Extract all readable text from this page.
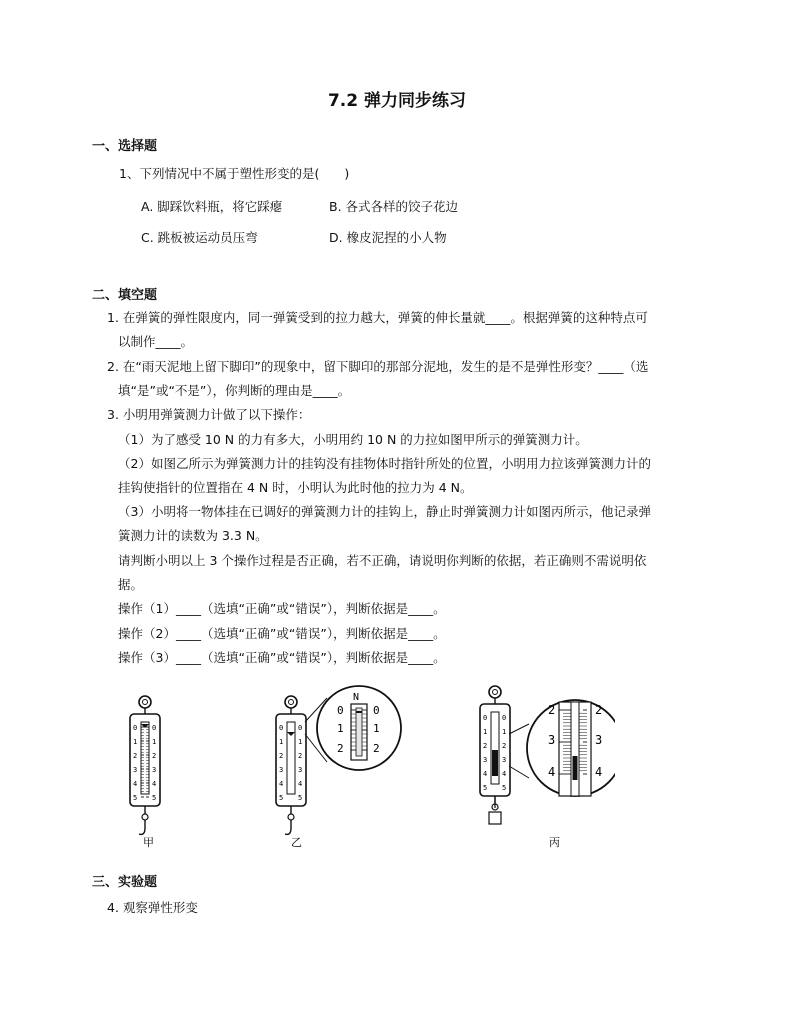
7.2 弹力同步练习
一、选择题
1、下列情况中不属于塑性形变的是(　　)
A. 脚踩饮料瓶，将它踩瘪	B. 各式各样的饺子花边
C. 跳板被运动员压弯	D. 橡皮泥捏的小人物
二、填空题
1. 在弹簧的弹性限度内，同一弹簧受到的拉力越大，弹簧的伸长量就____。根据弹簧的这种特点可
以制作____。
2. 在“雨天泥地上留下脚印”的现象中，留下脚印的那部分泥地，发生的是不是弹性形变？____（选
填“是”或“不是”），你判断的理由是____。
3. 小明用弹簧测力计做了以下操作：
（1）为了感受 10 N 的力有多大，小明用约 10 N 的力拉如图甲所示的弹簧测力计。
（2）如图乙所示为弹簧测力计的挂钩没有挂物体时指针所处的位置，小明用力拉该弹簧测力计的
挂钩使指针的位置指在 4 N 时，小明认为此时他的拉力为 4 N。
（3）小明将一物体挂在已调好的弹簧测力计的挂钩上，静止时弹簧测力计如图丙所示，他记录弹
簧测力计的读数为 3.3 N。
请判断小明以上 3 个操作过程是否正确，若不正确，请说明你判断的依据，若正确则不需说明依
据。
操作（1）____（选填“正确”或“错误”），判断依据是____。
操作（2）____（选填“正确”或“错误”），判断依据是____。
操作（3）____（选填“正确”或“错误”），判断依据是____。
0
1
2
3
4
5
0
1
2
3
4
5
甲
0
1
2
3
4
5
0
1
2
3
4
5
N
0
1
2
0
1
2
乙
0
1
2
3
4
5
0
1
2
3
4
5
2
3
4
2
3
4
丙
三、实验题
4. 观察弹性形变
